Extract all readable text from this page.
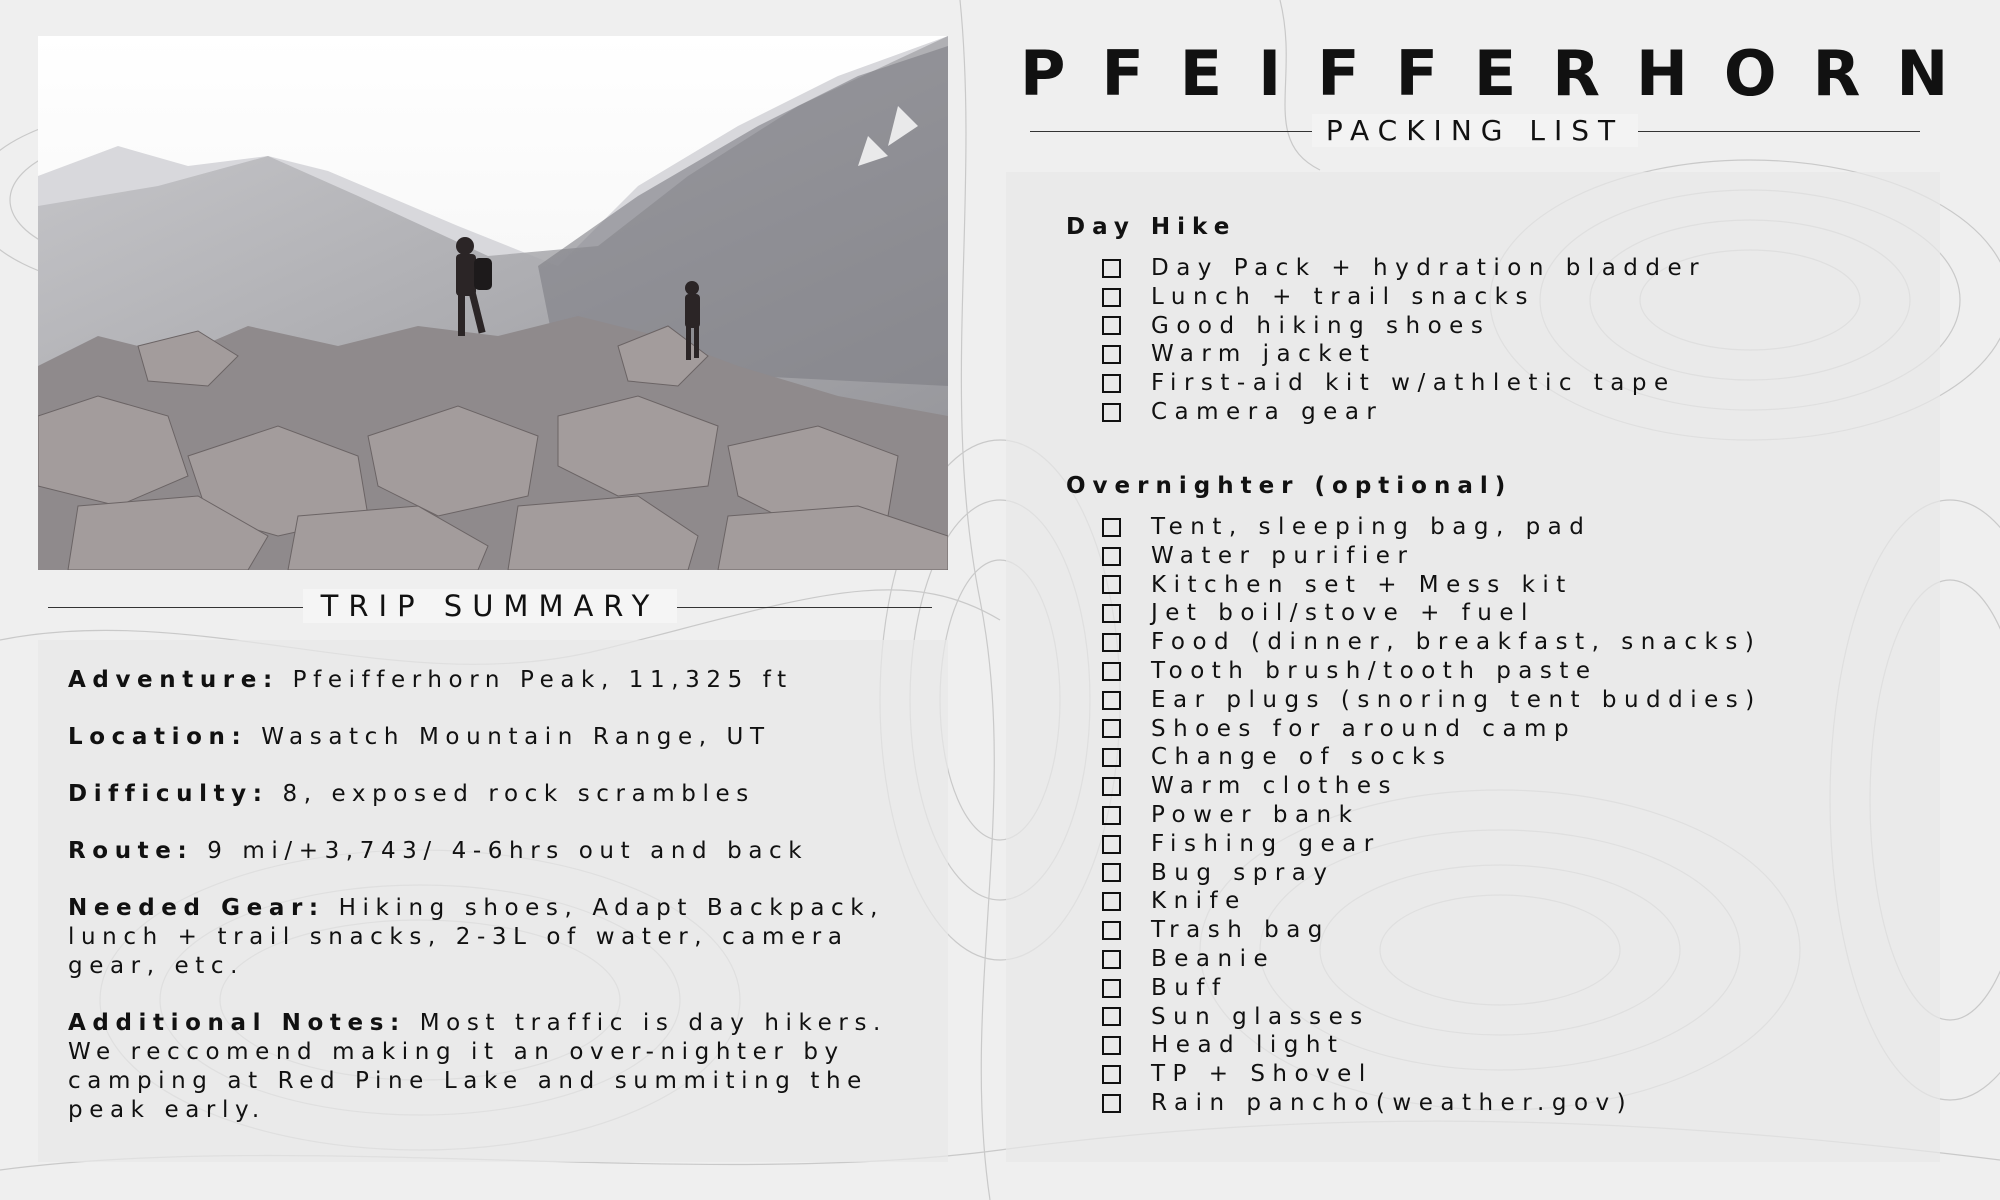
TRIP SUMMARY

Adventure: Pfeifferhorn Peak, 11,325 ft

Location: Wasatch Mountain Range, UT

Difficulty: 8, exposed rock scrambles

Route: 9 mi/+3,743/ 4-6hrs out and back

Needed Gear: Hiking shoes, Adapt Backpack, lunch + trail snacks, 2-3L of water, camera gear, etc.

Additional Notes: Most traffic is day hikers. We reccomend making it an over-nighter by camping at Red Pine Lake and summiting the peak early.

PFEIFFERHORN
PACKING LIST
Day Hike
Day Pack + hydration bladder
Lunch + trail snacks
Good hiking shoes
Warm jacket
First-aid kit w/athletic tape
Camera gear
Overnighter (optional)
Tent, sleeping bag, pad
Water purifier
Kitchen set + Mess kit
Jet boil/stove + fuel
Food (dinner, breakfast, snacks)
Tooth brush/tooth paste
Ear plugs (snoring tent buddies)
Shoes for around camp
Change of socks
Warm clothes
Power bank
Fishing gear
Bug spray
Knife
Trash bag
Beanie
Buff
Sun glasses
Head light
TP + Shovel
Rain pancho(weather.gov)
